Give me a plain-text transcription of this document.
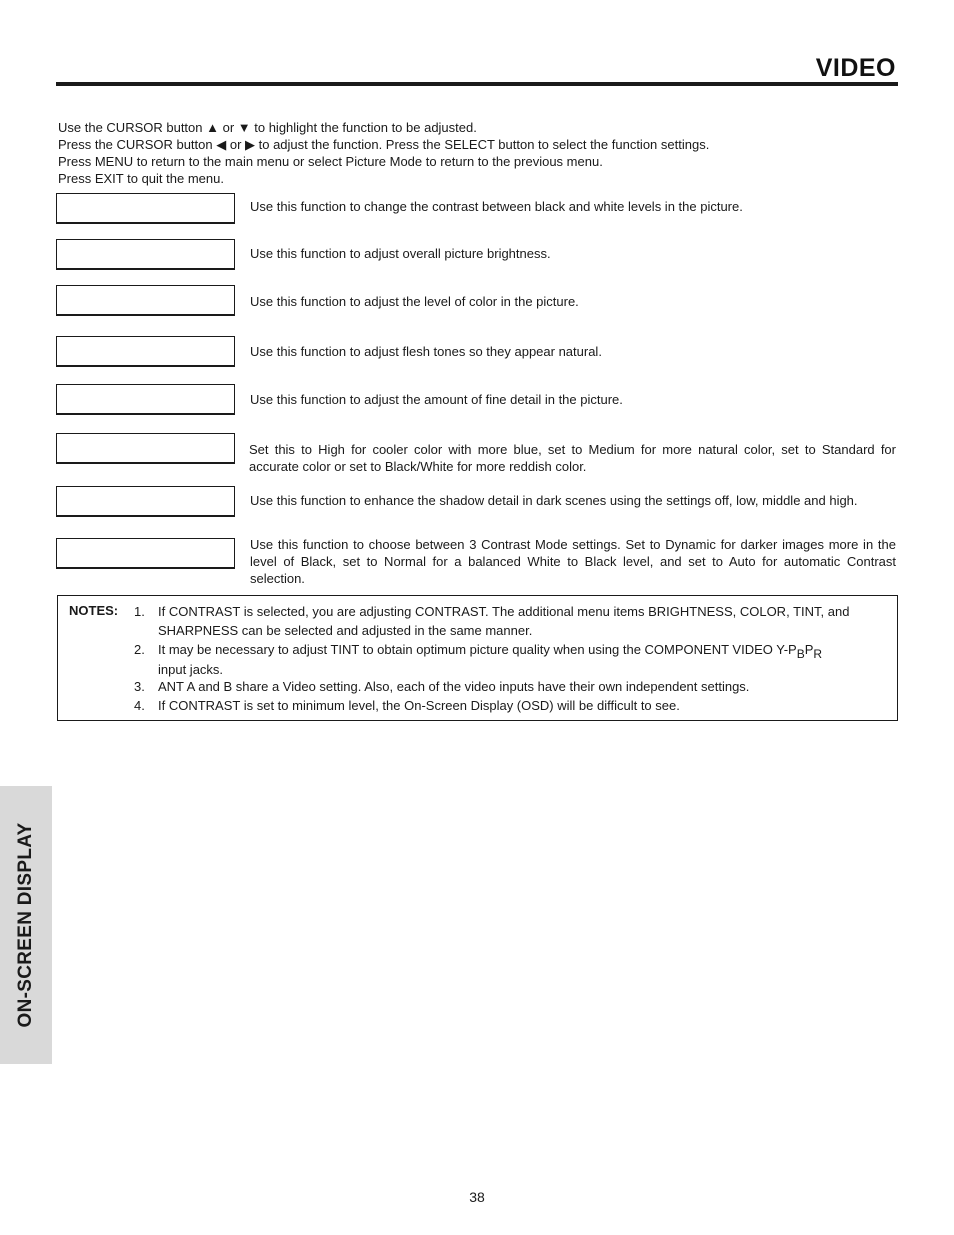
VIDEO
Use the CURSOR button ▲ or ▼ to highlight the function to be adjusted.
Press the CURSOR button ◀ or ▶ to adjust the function. Press the SELECT button to select the function settings.
Press MENU to return to the main menu or select Picture Mode to return to the previous menu.
Press EXIT to quit the menu.
Use this function to change the contrast between black and white levels in the picture.
Use this function to adjust overall picture brightness.
Use this function to adjust the level of color in the picture.
Use this function to adjust flesh tones so they appear natural.
Use this function to adjust the amount of fine detail in the picture.
Set this to High for cooler color with more blue, set to Medium for more natural color, set to Standard for accurate color or set to Black/White for more reddish color.
Use this function to enhance the shadow detail in dark scenes using the settings off, low, middle and high.
Use this function to choose between 3 Contrast Mode settings. Set to Dynamic for darker images more in the level of Black, set to Normal for a balanced White to Black level, and set to Auto for automatic Contrast selection.
NOTES: 1. If CONTRAST is selected, you are adjusting CONTRAST. The additional menu items BRIGHTNESS, COLOR, TINT, and SHARPNESS can be selected and adjusted in the same manner.
2. It may be necessary to adjust TINT to obtain optimum picture quality when using the COMPONENT VIDEO Y-PBPR
input jacks.
3. ANT A and B share a Video setting. Also, each of the video inputs have their own independent settings.
4. If CONTRAST is set to minimum level, the On-Screen Display (OSD) will be difficult to see.
ON-SCREEN DISPLAY
38
